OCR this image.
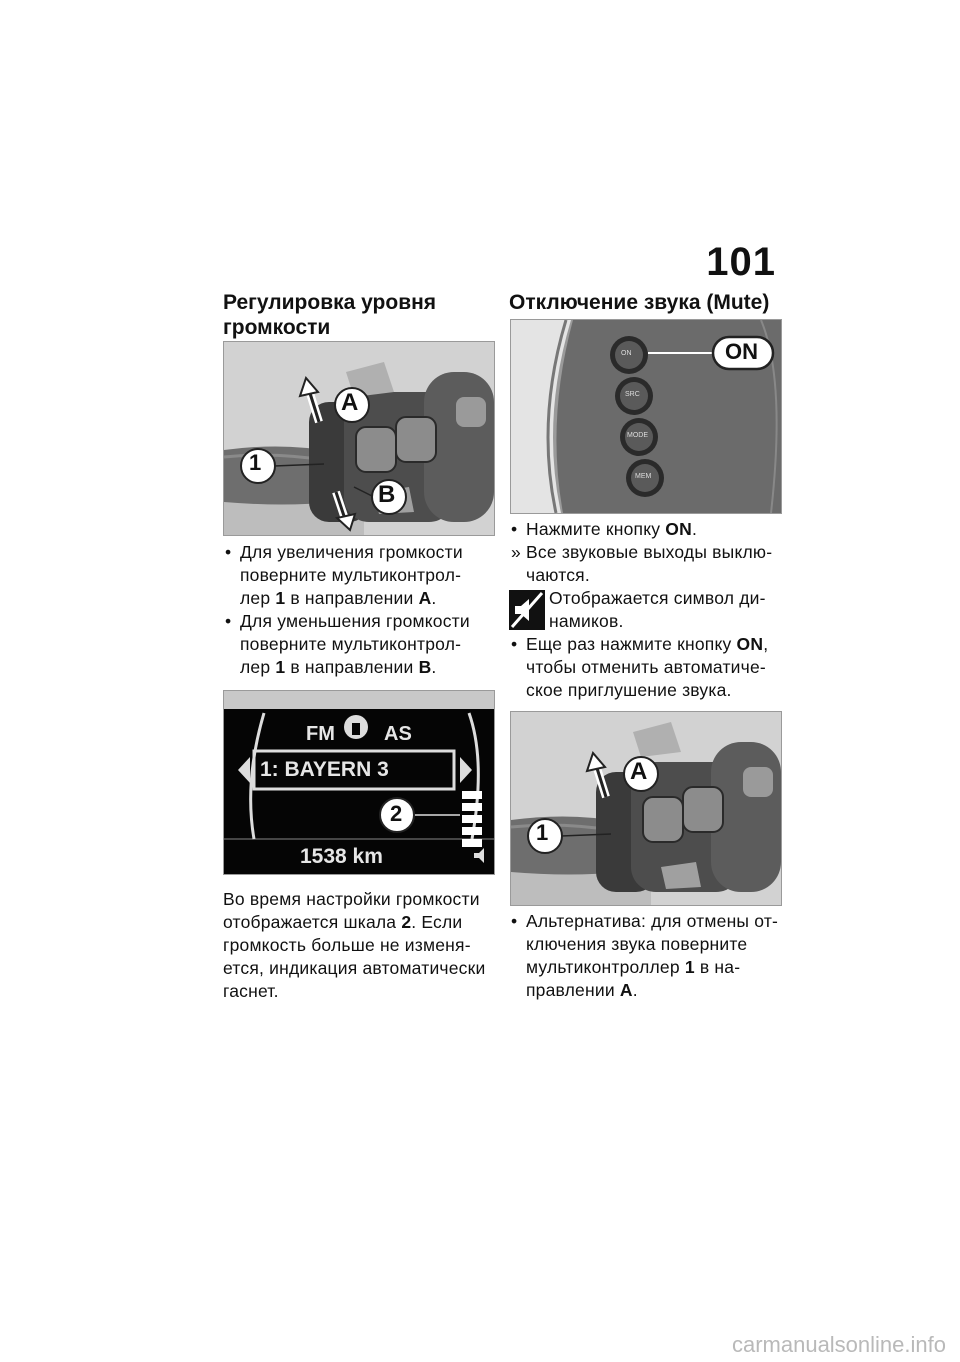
101
Регулировка уровня громкости
1
A
B
• Для увеличения громкости
поверните мультиконтрол-
лер 1 в направлении A.
• Для уменьшения громкости
поверните мультиконтрол-
лер 1 в направлении B.
FM AS
1: BAYERN 3
1538 km
2
Во время настройки громкости
отображается шкала 2. Если
громкость больше не изменя-
ется, индикация автоматически
гаснет.
Отключение звука (Mute)
ON
ON
SRC
MODE
MEM
• Нажмите кнопку ON.
» Все звуковые выходы выклю-
чаются.
Отображается символ ди-
намиков.
• Еще раз нажмите кнопку ON,
чтобы отменить автоматиче-
ское приглушение звука.
1
A
• Альтернатива: для отмены от-
ключения звука поверните
мультиконтроллер 1 в на-
правлении A.
carmanualsonline.info
